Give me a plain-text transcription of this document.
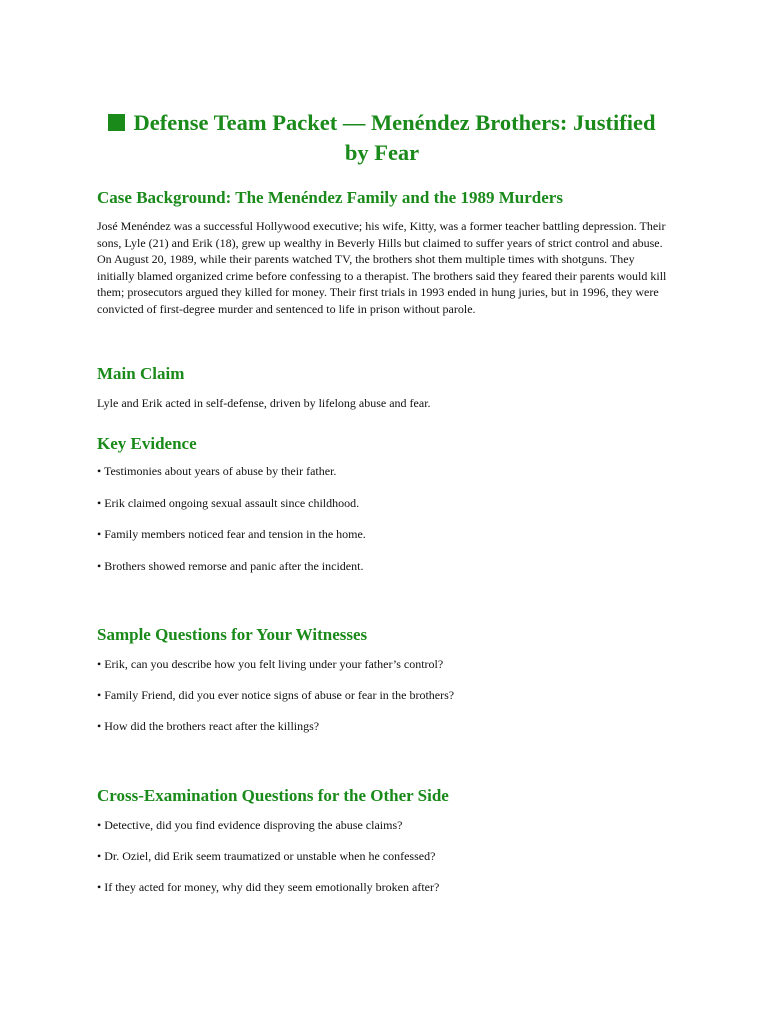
Defense Team Packet — Menéndez Brothers: Justified by Fear
Case Background: The Menéndez Family and the 1989 Murders
José Menéndez was a successful Hollywood executive; his wife, Kitty, was a former teacher battling depression. Their sons, Lyle (21) and Erik (18), grew up wealthy in Beverly Hills but claimed to suffer years of strict control and abuse. On August 20, 1989, while their parents watched TV, the brothers shot them multiple times with shotguns. They initially blamed organized crime before confessing to a therapist. The brothers said they feared their parents would kill them; prosecutors argued they killed for money. Their first trials in 1993 ended in hung juries, but in 1996, they were convicted of first-degree murder and sentenced to life in prison without parole.
Main Claim
Lyle and Erik acted in self-defense, driven by lifelong abuse and fear.
Key Evidence
• Testimonies about years of abuse by their father.
• Erik claimed ongoing sexual assault since childhood.
• Family members noticed fear and tension in the home.
• Brothers showed remorse and panic after the incident.
Sample Questions for Your Witnesses
• Erik, can you describe how you felt living under your father’s control?
• Family Friend, did you ever notice signs of abuse or fear in the brothers?
• How did the brothers react after the killings?
Cross-Examination Questions for the Other Side
• Detective, did you find evidence disproving the abuse claims?
• Dr. Oziel, did Erik seem traumatized or unstable when he confessed?
• If they acted for money, why did they seem emotionally broken after?
